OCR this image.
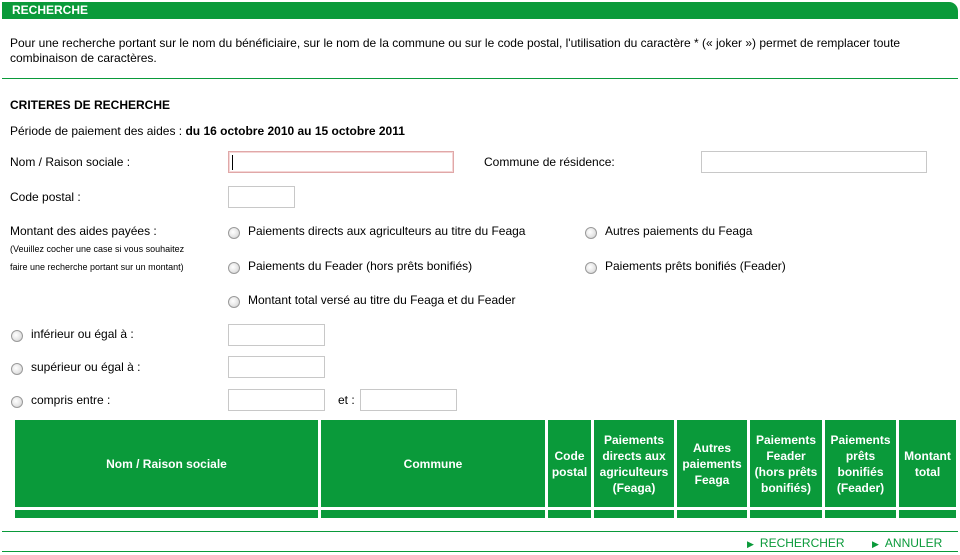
RECHERCHE
Pour une recherche portant sur le nom du bénéficiaire, sur le nom de la commune ou sur le code postal, l'utilisation du caractère * (« joker ») permet de remplacer toute combinaison de caractères.
CRITERES DE RECHERCHE
Période de paiement des aides : du 16 octobre 2010 au 15 octobre 2011
Nom / Raison sociale :	Commune de résidence:
Code postal :
Montant des aides payées :
(Veuillez cocher une case si vous souhaitez
faire une recherche portant sur un montant)
Paiements directs aux agriculteurs au titre du Feaga	Autres paiements du Feaga
Paiements du Feader (hors prêts bonifiés)	Paiements prêts bonifiés (Feader)
Montant total versé au titre du Feaga et du Feader
inférieur ou égal à :
supérieur ou égal à :
compris entre :	et :
Nom / Raison sociale	Commune	Code postal	Paiements directs aux agriculteurs (Feaga)	Autres paiements Feaga	Paiements Feader (hors prêts bonifiés)	Paiements prêts bonifiés (Feader)	Montant total

▶ RECHERCHER	▶ ANNULER
